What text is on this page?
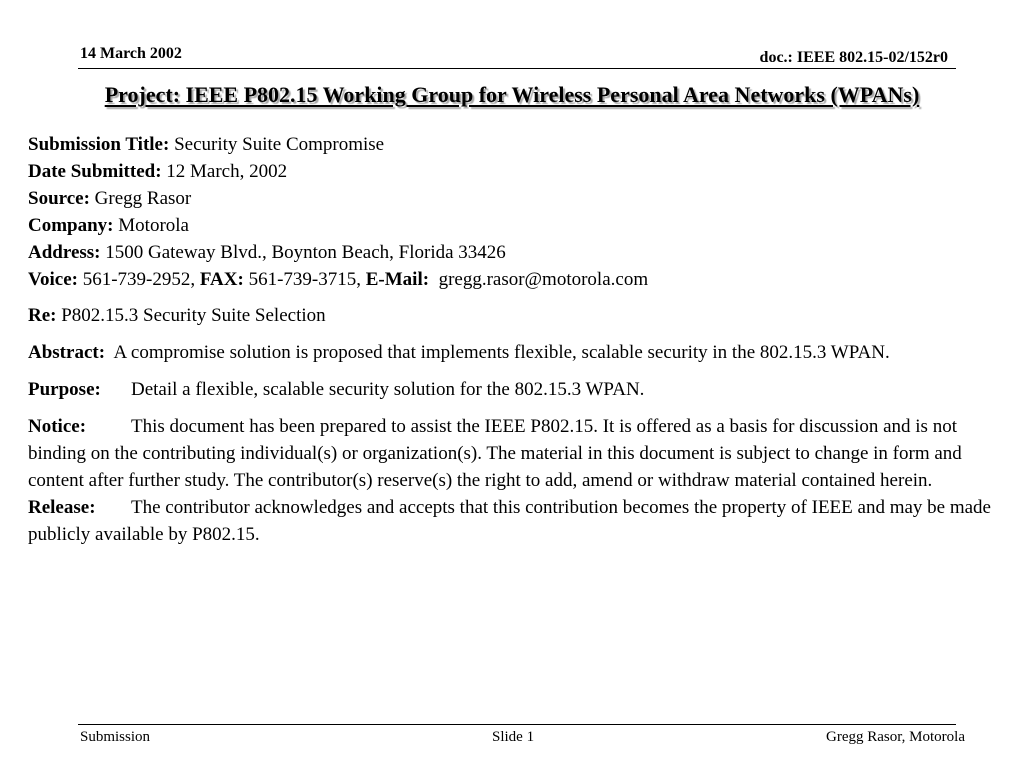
14 March 2002	doc.: IEEE 802.15-02/152r0
Project: IEEE P802.15 Working Group for Wireless Personal Area Networks (WPANs)

Submission Title: Security Suite Compromise

Date Submitted: 12 March, 2002

Source: Gregg Rasor

Company: Motorola

Address: 1500 Gateway Blvd., Boynton Beach, Florida 33426

Voice: 561-739-2952, FAX: 561-739-3715, E-Mail:  gregg.rasor@motorola.com

Re: P802.15.3 Security Suite Selection

Abstract:  A compromise solution is proposed that implements flexible, scalable security in the 802.15.3 WPAN.

Purpose: Detail a flexible, scalable security solution for the 802.15.3 WPAN.

Notice: This document has been prepared to assist the IEEE P802.15. It is offered as a basis for discussion and is not binding on the contributing individual(s) or organization(s). The material in this document is subject to change in form and content after further study. The contributor(s) reserve(s) the right to add, amend or withdraw material contained herein.

Release: The contributor acknowledges and accepts that this contribution becomes the property of IEEE and may be made publicly available by P802.15.

Submission	Slide 1	Gregg Rasor, Motorola
